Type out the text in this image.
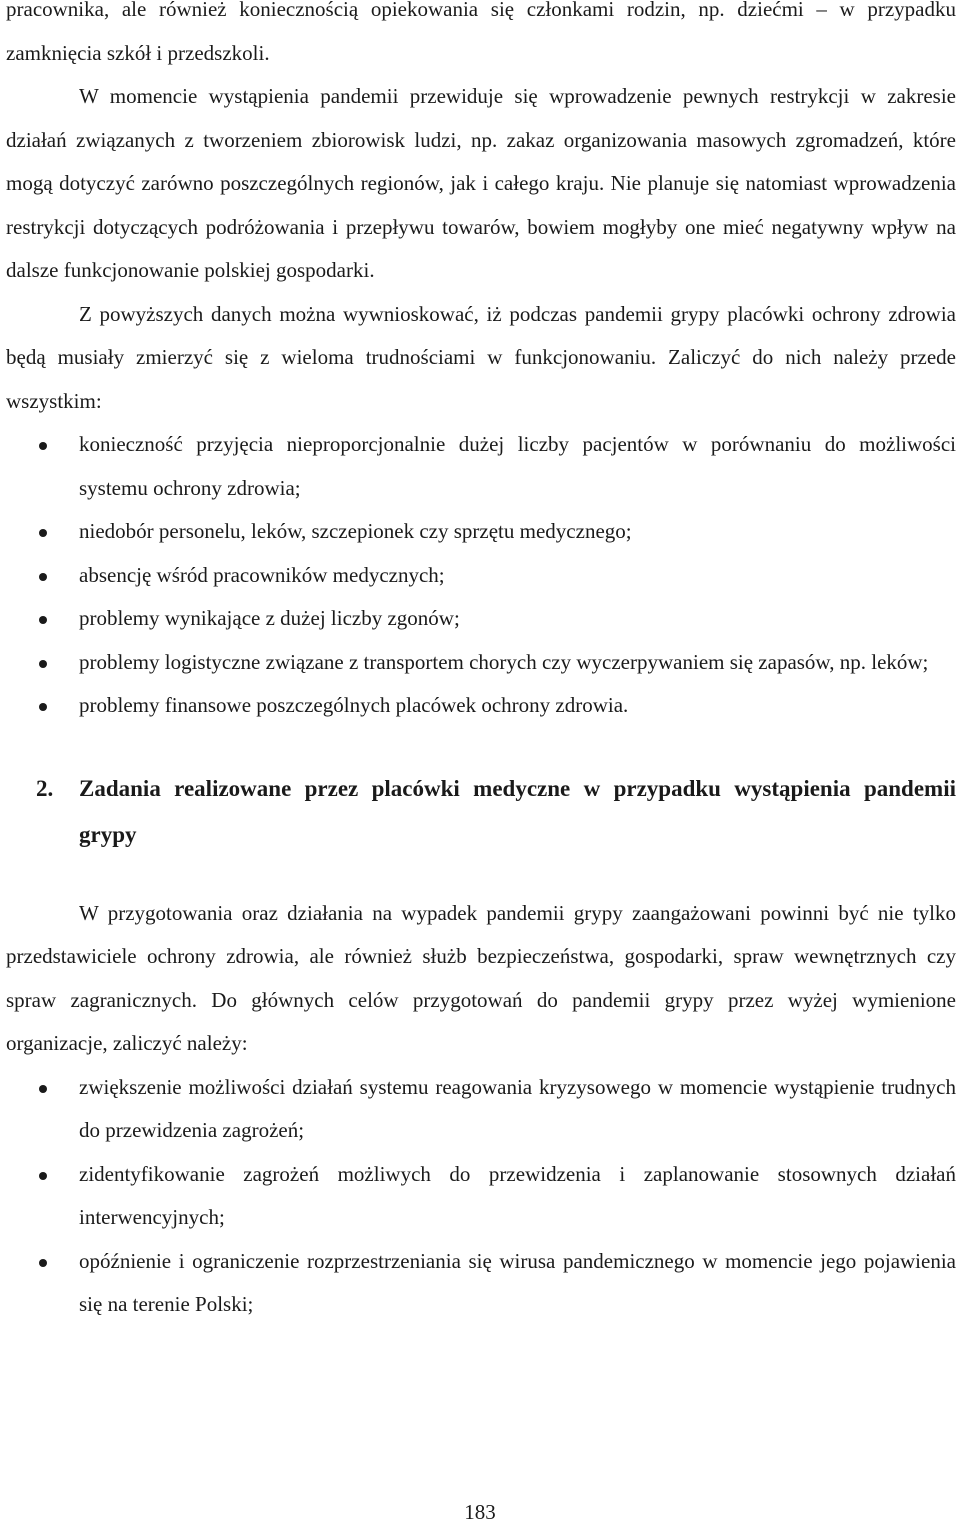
pracownika, ale również koniecznością opiekowania się członkami rodzin, np. dziećmi – w przypadku zamknięcia szkół i przedszkoli.

W momencie wystąpienia pandemii przewiduje się wprowadzenie pewnych restrykcji w zakresie działań związanych z tworzeniem zbiorowisk ludzi, np. zakaz organizowania masowych zgromadzeń, które mogą dotyczyć zarówno poszczególnych regionów, jak i całego kraju. Nie planuje się natomiast wprowadzenia restrykcji dotyczących podróżowania i przepływu towarów, bowiem mogłyby one mieć negatywny wpływ na dalsze funkcjonowanie polskiej gospodarki.

Z powyższych danych można wywnioskować, iż podczas pandemii grypy placówki ochrony zdrowia będą musiały zmierzyć się z wieloma trudnościami w funkcjonowaniu. Zaliczyć do nich należy przede wszystkim:

konieczność przyjęcia nieproporcjonalnie dużej liczby pacjentów w porównaniu do możliwości systemu ochrony zdrowia;
niedobór personelu, leków, szczepionek czy sprzętu medycznego;
absencję wśród pracowników medycznych;
problemy wynikające z dużej liczby zgonów;
problemy logistyczne związane z transportem chorych czy wyczerpywaniem się zapasów, np. leków;
problemy finansowe poszczególnych placówek ochrony zdrowia.
2.	Zadania realizowane przez placówki medyczne w przypadku wystąpienia pandemii grypy

W przygotowania oraz działania na wypadek pandemii grypy zaangażowani powinni być nie tylko przedstawiciele ochrony zdrowia, ale również służb bezpieczeństwa, gospodarki, spraw wewnętrznych czy spraw zagranicznych. Do głównych celów przygotowań do pandemii grypy przez wyżej wymienione organizacje, zaliczyć należy:

zwiększenie możliwości działań systemu reagowania kryzysowego w momencie wystąpienie trudnych do przewidzenia zagrożeń;
zidentyfikowanie zagrożeń możliwych do przewidzenia i zaplanowanie stosownych działań interwencyjnych;
opóźnienie i ograniczenie rozprzestrzeniania się wirusa pandemicznego w momencie jego pojawienia się na terenie Polski;
183
